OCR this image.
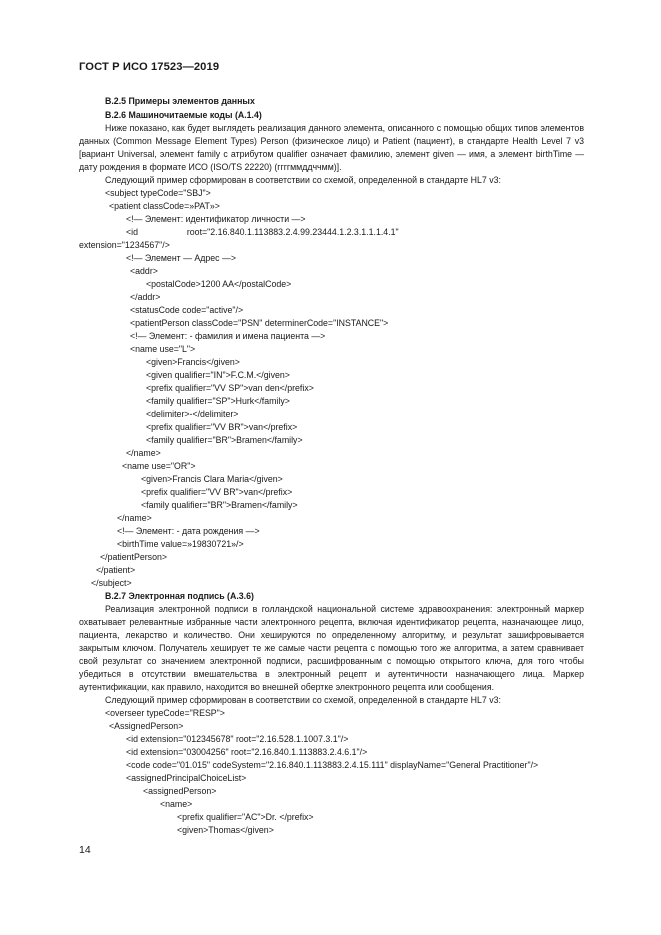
ГОСТ Р ИСО 17523—2019
В.2.5 Примеры элементов данных
В.2.6 Машиночитаемые коды (А.1.4)

Ниже показано, как будет выглядеть реализация данного элемента, описанного с помощью общих типов элементов данных (Common Message Element Types) Person (физическое лицо) и Patient (пациент), в стандарте Health Level 7 v3 [вариант Universal, элемент family с атрибутом qualifier означает фамилию, элемент given — имя, а элемент birthTime — дату рождения в формате ИСО (ISO/TS 22220) (ггггммддччмм)].

Следующий пример сформирован в соответствии со схемой, определенной в стандарте HL7 v3:
<subject typeCode="SBJ">
<patient classCode=»PAT»>
<!— Элемент: идентификатор личности —>
<id                    root="2.16.840.1.113883.2.4.99.23444.1.2.3.1.1.1.4.1"
extension="1234567"/>
<!— Элемент — Адрес —>
<addr>
<postalCode>1200 AA</postalCode>
</addr>
<statusCode code="active"/>
<patientPerson classCode="PSN" determinerCode="INSTANCE">
<!— Элемент: - фамилия и имена пациента —>
<name use="L">
<given>Francis</given>
<given qualifier="IN">F.C.M.</given>
<prefix qualifier="VV SP">van den</prefix>
<family qualifier="SP">Hurk</family>
<delimiter>-</delimiter>
<prefix qualifier="VV BR">van</prefix>
<family qualifier="BR">Bramen</family>
</name>
<name use="OR">
<given>Francis Clara Maria</given>
<prefix qualifier="VV BR">van</prefix>
<family qualifier="BR">Bramen</family>
</name>
<!— Элемент: - дата рождения —>
<birthTime value=»19830721»/>
</patientPerson>
</patient>
</subject>
В.2.7 Электронная подпись (А.3.6)

Реализация электронной подписи в голландской национальной системе здравоохранения: электронный маркер охватывает релевантные избранные части электронного рецепта, включая идентификатор рецепта, назначающее лицо, пациента, лекарство и количество. Они хешируются по определенному алгоритму, и результат зашифровывается закрытым ключом. Получатель хеширует те же самые части рецепта с помощью того же алгоритма, а затем сравнивает свой результат со значением электронной подписи, расшифрованным с помощью открытого ключа, для того чтобы убедиться в отсутствии вмешательства в электронный рецепт и аутентичности назначающего лица. Маркер аутентификации, как правило, находится во внешней обертке электронного рецепта или сообщения.

Следующий пример сформирован в соответствии со схемой, определенной в стандарте HL7 v3:
<overseer typeCode="RESP">
<AssignedPerson>
<id extension="012345678" root="2.16.528.1.1007.3.1"/>
<id extension="03004256" root="2.16.840.1.113883.2.4.6.1"/>
<code code="01.015" codeSystem="2.16.840.1.113883.2.4.15.111" displayName="General Practitioner"/>
<assignedPrincipalChoiceList>
<assignedPerson>
<name>
<prefix qualifier="AC">Dr. </prefix>
<given>Thomas</given>
14
